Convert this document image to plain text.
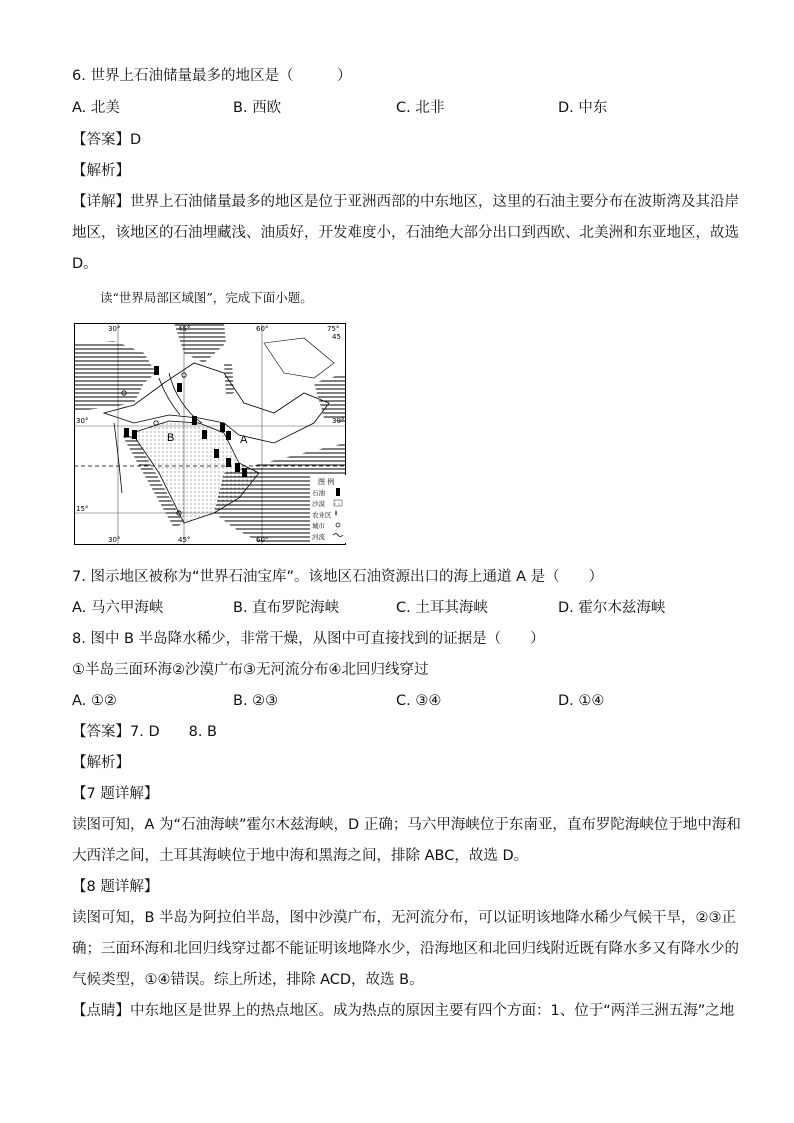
6. 世界上石油储量最多的地区是（　　　）
A. 北美	B. 西欧	C. 北非	D. 中东
【答案】D
【解析】
【详解】世界上石油储量最多的地区是位于亚洲西部的中东地区，这里的石油主要分布在波斯湾及其沿岸
地区，该地区的石油埋藏浅、油质好，开发难度小，石油绝大部分出口到西欧、北美洲和东亚地区，故选
D。
读“世界局部区域图”，完成下面小题。
B	A
30°	45°	60°	75°
30°	45°	60°
30°
15°
45
30°
图 例
石油
沙漠
农业区
城市
河流
7. 图示地区被称为“世界石油宝库”。该地区石油资源出口的海上通道 A 是（　　）
A. 马六甲海峡	B. 直布罗陀海峡	C. 土耳其海峡	D. 霍尔木兹海峡
8. 图中 B 半岛降水稀少，非常干燥，从图中可直接找到的证据是（　　）
①半岛三面环海②沙漠广布③无河流分布④北回归线穿过
A. ①②	B. ②③	C. ③④	D. ①④
【答案】7. D　　8. B
【解析】
【7 题详解】
读图可知，A 为“石油海峡”霍尔木兹海峡，D 正确；马六甲海峡位于东南亚，直布罗陀海峡位于地中海和
大西洋之间，土耳其海峡位于地中海和黑海之间，排除 ABC，故选 D。
【8 题详解】
读图可知，B 半岛为阿拉伯半岛，图中沙漠广布，无河流分布，可以证明该地降水稀少气候干旱，②③正
确；三面环海和北回归线穿过都不能证明该地降水少，沿海地区和北回归线附近既有降水多又有降水少的
气候类型，①④错误。综上所述，排除 ACD，故选 B。
【点睛】中东地区是世界上的热点地区。成为热点的原因主要有四个方面：1、位于“两洋三洲五海”之地
